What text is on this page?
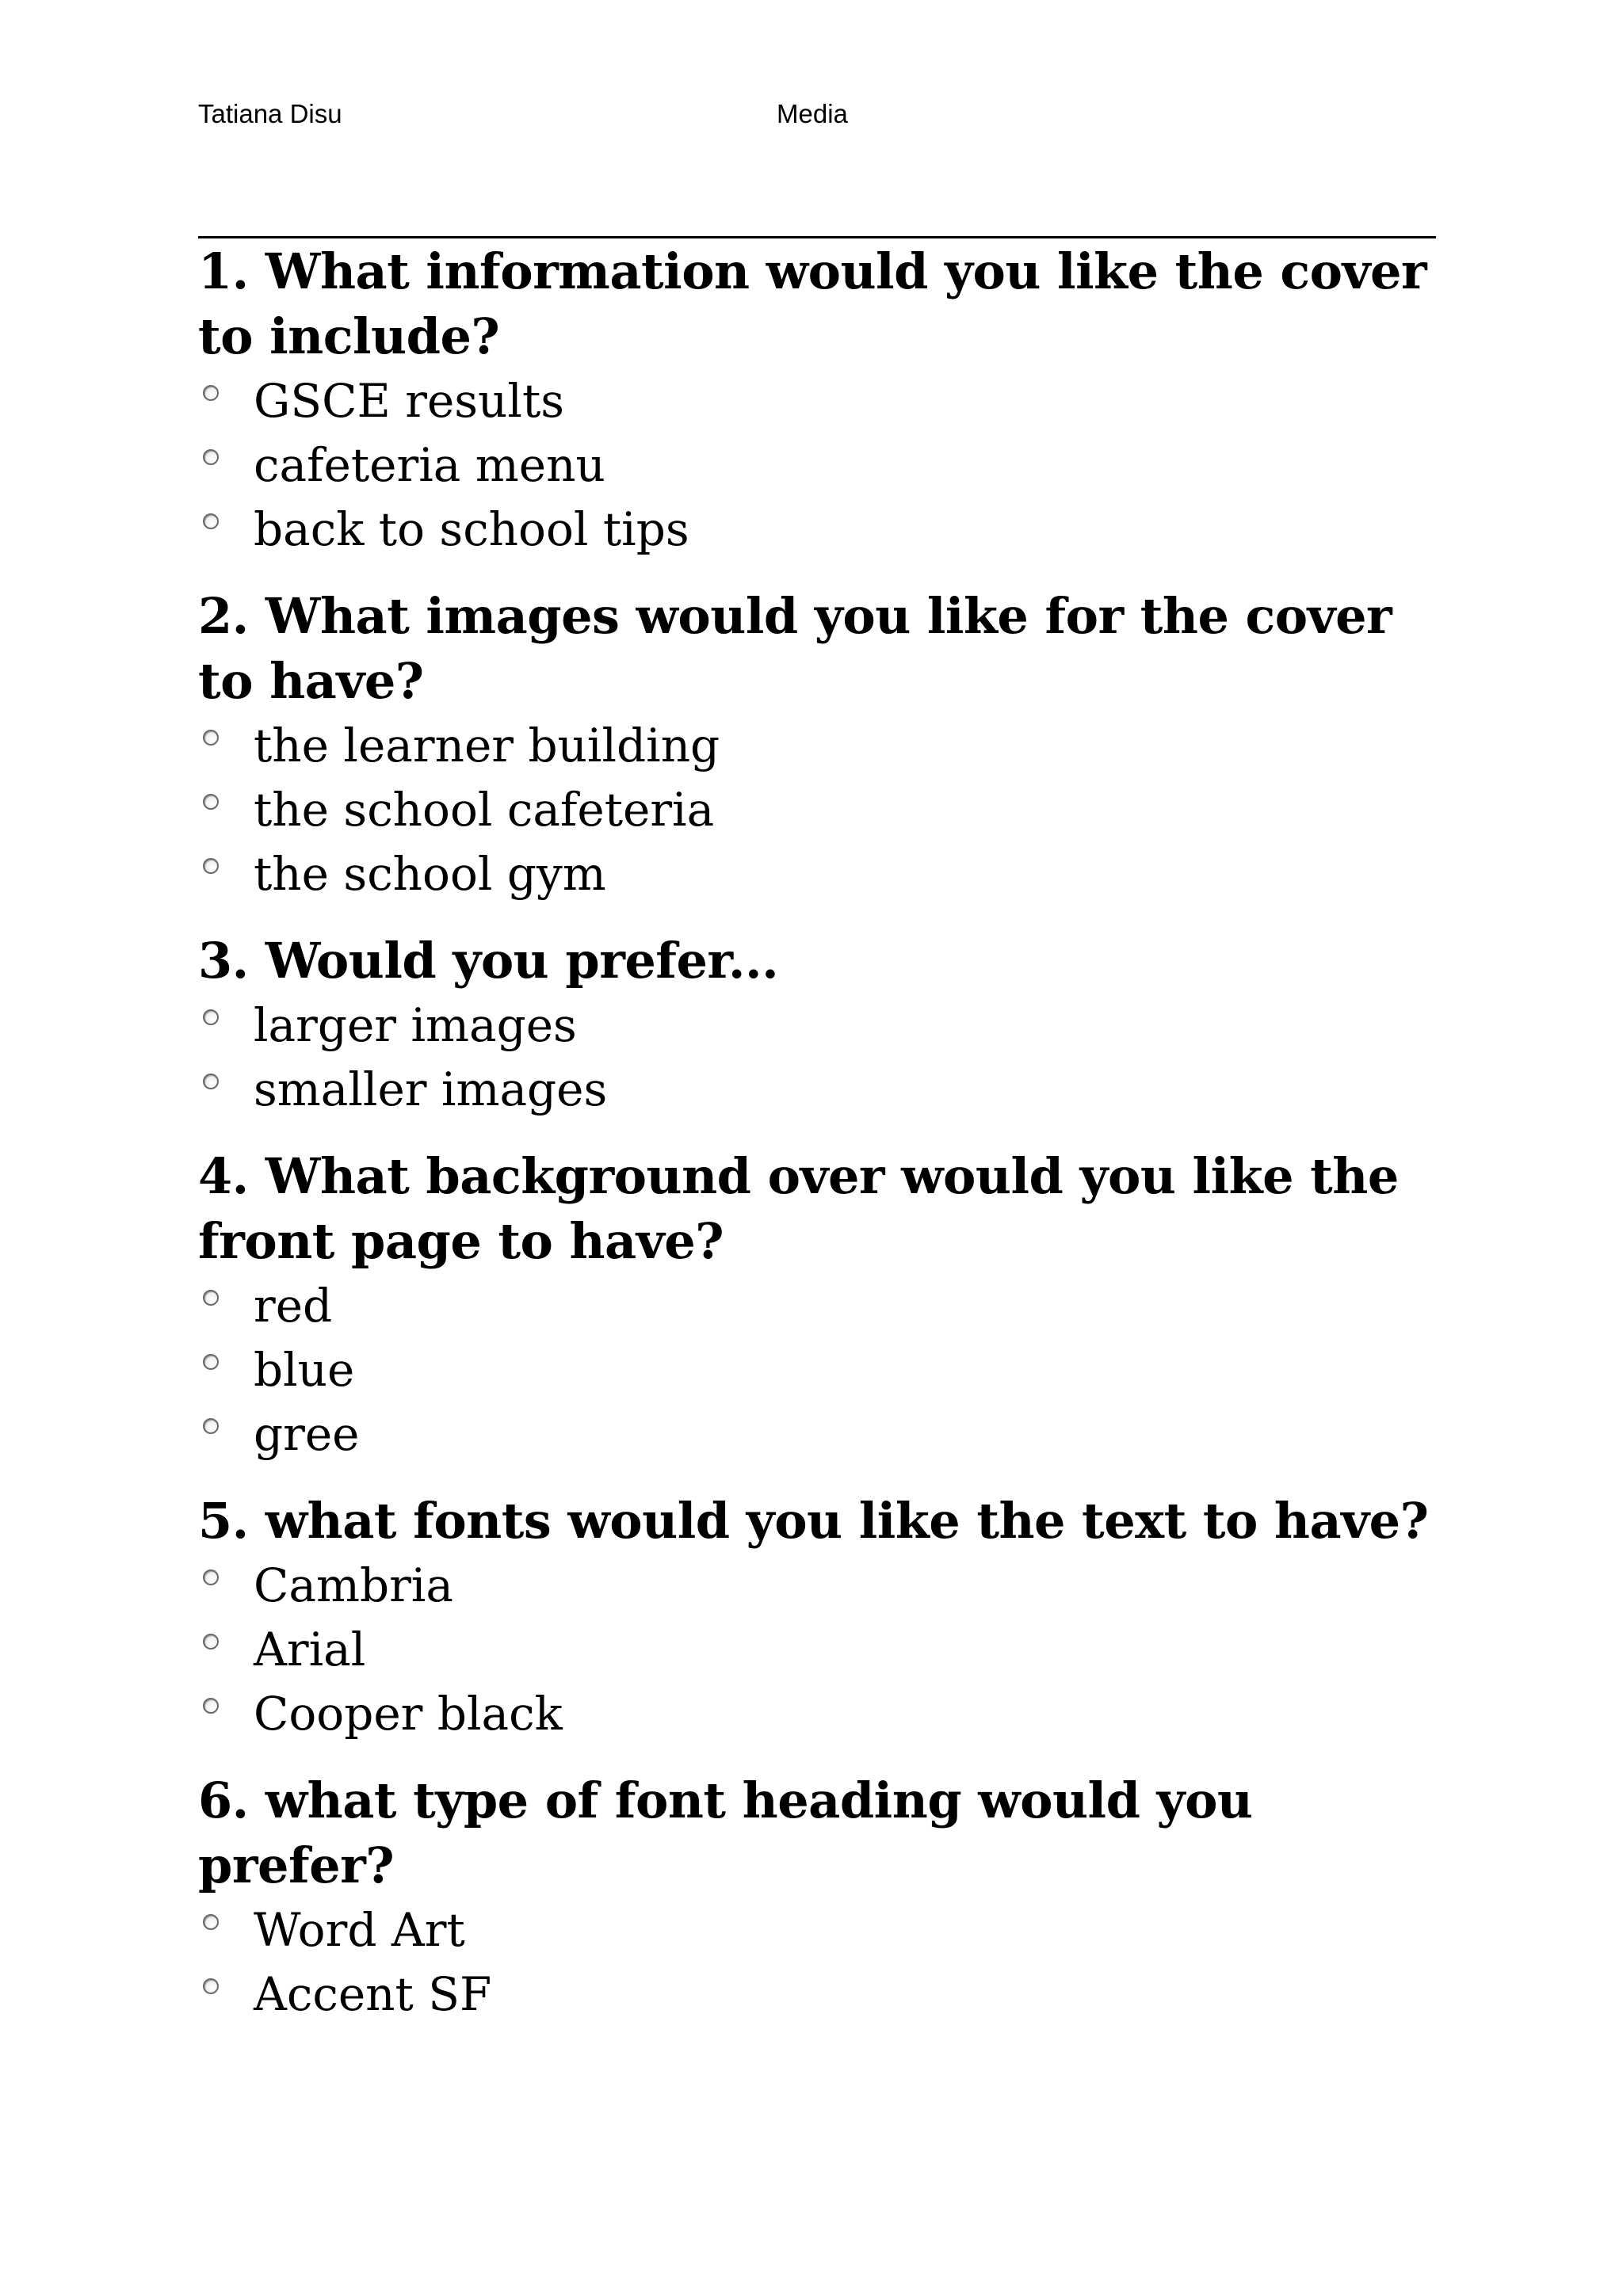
Tatiana Disu	Media
1. What information would you like the cover to include?
GSCE results
cafeteria menu
back to school tips
2. What images would you like for the cover to have?
the learner building
the school cafeteria
the school gym
3. Would you prefer...
larger images
smaller images
4. What background over would you like the front page to have?
red
blue
gree
5. what fonts would you like the text to have?
Cambria
Arial
Cooper black
6. what type of font heading would you prefer?
Word Art
Accent SF
